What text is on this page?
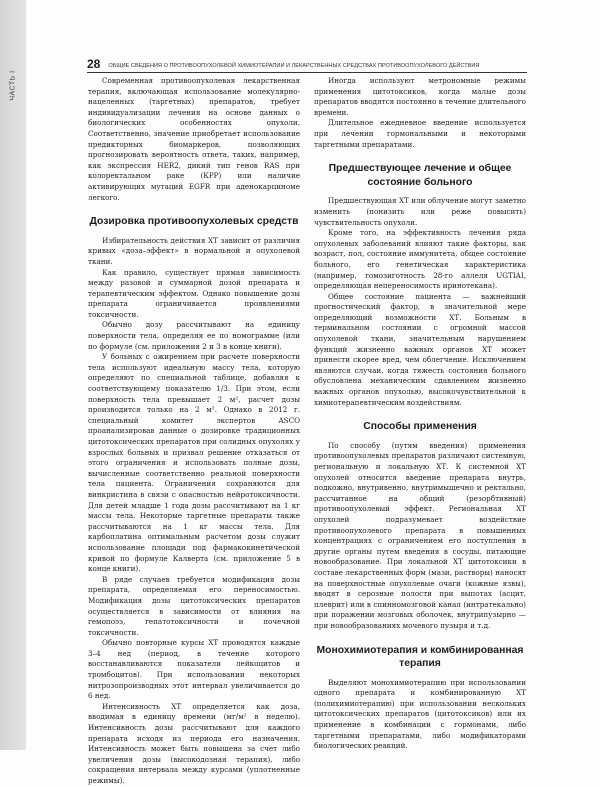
ЧАСТЬ I
28 ОБЩИЕ СВЕДЕНИЯ О ПРОТИВООПУХОЛЕВОЙ ХИМИОТЕРАПИИ И ЛЕКАРСТВЕННЫХ СРЕДСТВАХ ПРОТИВООПУХОЛЕВОГО ДЕЙСТВИЯ

Современная противоопухолевая лекарственная терапия, включающая использование молекулярно-нацеленных (таргетных) препаратов, требует индивидуализации лечения на основе данных о биологических особенностях опухоли. Соответственно, значение приобретает использование предикторных биомаркеров, позволяющих прогнозировать вероятность ответа, таких, например, как экспрессия HER2, дикий тип генов RAS при колоректальном раке (КРР) или наличие активирующих мутаций EGFR при аденокарциноме легкого.

Дозировка противоопухолевых средств

Избирательность действия ХТ зависит от различия кривых «доза–эффект» в нормальной и опухолевой ткани.

Как правило, существует прямая зависимость между разовой и суммарной дозой препарата и терапевтическим эффектом. Однако повышение дозы препарата ограничивается проявлениями токсичности.

Обычно дозу рассчитывают на единицу поверхности тела, определяя ее по номограмме (или по формуле (см. приложения 2 и 3 в конце книги).

У больных с ожирением при расчете поверхности тела используют идеальную массу тела, которую определяют по специальной таблице, добавляя к соответствующему показателю 1/3. При этом, если поверхность тела превышает 2 м², расчет дозы производится только на 2 м². Однако в 2012 г. специальный комитет экспертов ASCO проанализировав данные о дозировке традиционных цитотоксических препаратов при солидных опухолях у взрослых больных и призвал решение отказаться от этого ограничения и использовать полные дозы, вычисленные соответственно реальной поверхности тела пациента. Ограничения сохраняются для винкристина в связи с опасностью нейротоксичности. Для детей младше 1 года дозы рассчитывают на 1 кг массы тела. Некоторые таргетные препараты также рассчитываются на 1 кг массы тела. Для карбоплатина оптимальным расчетом дозы служит использование площади под фармакокинетической кривой по формуле Калверта (см. приложение 5 в конце книги).

В ряде случаев требуется модификация дозы препарата, определяемая его переносимостью. Модификация дозы цитотоксических препаратов осуществляется в зависимости от влияния на гемопоэз, гепатотоксичности и почечной токсичности.

Обычно повторные курсы ХТ проводятся каждые 3–4 нед (период, в течение которого восстанавливаются показатели лейкоцитов и тромбоцитов). При использовании некоторых нитрозопроизводных этот интервал увеличивается до 6 нед.

Интенсивность ХТ определяется как доза, вводимая в единицу времени (мг/м² в неделю). Интенсивность дозы рассчитывают для каждого препарата исходя из периода его назначения. Интенсивность может быть повышена за счет либо увеличения дозы (высокодозная терапия), либо сокращения интервала между курсами (уплотненные режимы).

Иногда используют метрономные режимы применения цитотоксиков, когда малые дозы препаратов вводятся постоянно в течение длительного времени.

Длительное ежедневное введение используется при лечении гормональными и некоторыми таргетными препаратами.

Предшествующее лечение и общее состояние больного

Предшествующая ХТ или облучение могут заметно изменить (понизить или реже повысить) чувствительность опухоли.

Кроме того, на эффективность лечения ряда опухолевых заболеваний влияют такие факторы, как возраст, пол, состояние иммунитета, общее состояние больного, его генетическая характеристика (например, гомозиготность 28-го аллеля UGTIAI, определяющая непереносимость иринотекана).

Общее состояние пациента — важнейший прогностический фактор, в значительной мере определяющий возможности ХТ. Больным в терминальном состоянии с огромной массой опухолевой ткани, значительным нарушением функций жизненно важных органов ХТ может принести скорее вред, чем облегчение. Исключением являются случаи, когда тяжесть состояния больного обусловлена механическим сдавлением жизненно важных органов опухолью, высокочувствительной к химиотерапевтическим воздействиям.

Способы применения

По способу (путям введения) применения противоопухолевых препаратов различают системную, региональную и локальную ХТ. К системной ХТ опухолей относится введение препарата внутрь, подкожно, внутривенно, внутримышечно и ректально, рассчитанное на общий (резорбтивный) противоопухолевый эффект. Региональная ХТ опухолей подразумевает воздействие противоопухолевого препарата в повышенных концентрациях с ограничением его поступления в другие органы путем введения в сосуды, питающие новообразование. При локальной ХТ цитотоксики в составе лекарственных форм (мази, растворы) наносят на поверхностные опухолевые очаги (кожные язвы), вводят в серозные полости при выпотах (асцит, плеврит) или в спинномозговой канал (интратекально) при поражении мозговых оболочек, внутрипузырно — при новообразованиях мочевого пузыря и т.д.

Монохимиотерапия и комбинированная терапия

Выделяют монохимиотерапию при использовании одного препарата и комбинированную ХТ (полихимиотерапию) при использовании нескольких цитотоксических препаратов (цитотоксиков) или их применение в комбинации с гормонами, либо таргетными препаратами, либо модификаторами биологических реакций.
